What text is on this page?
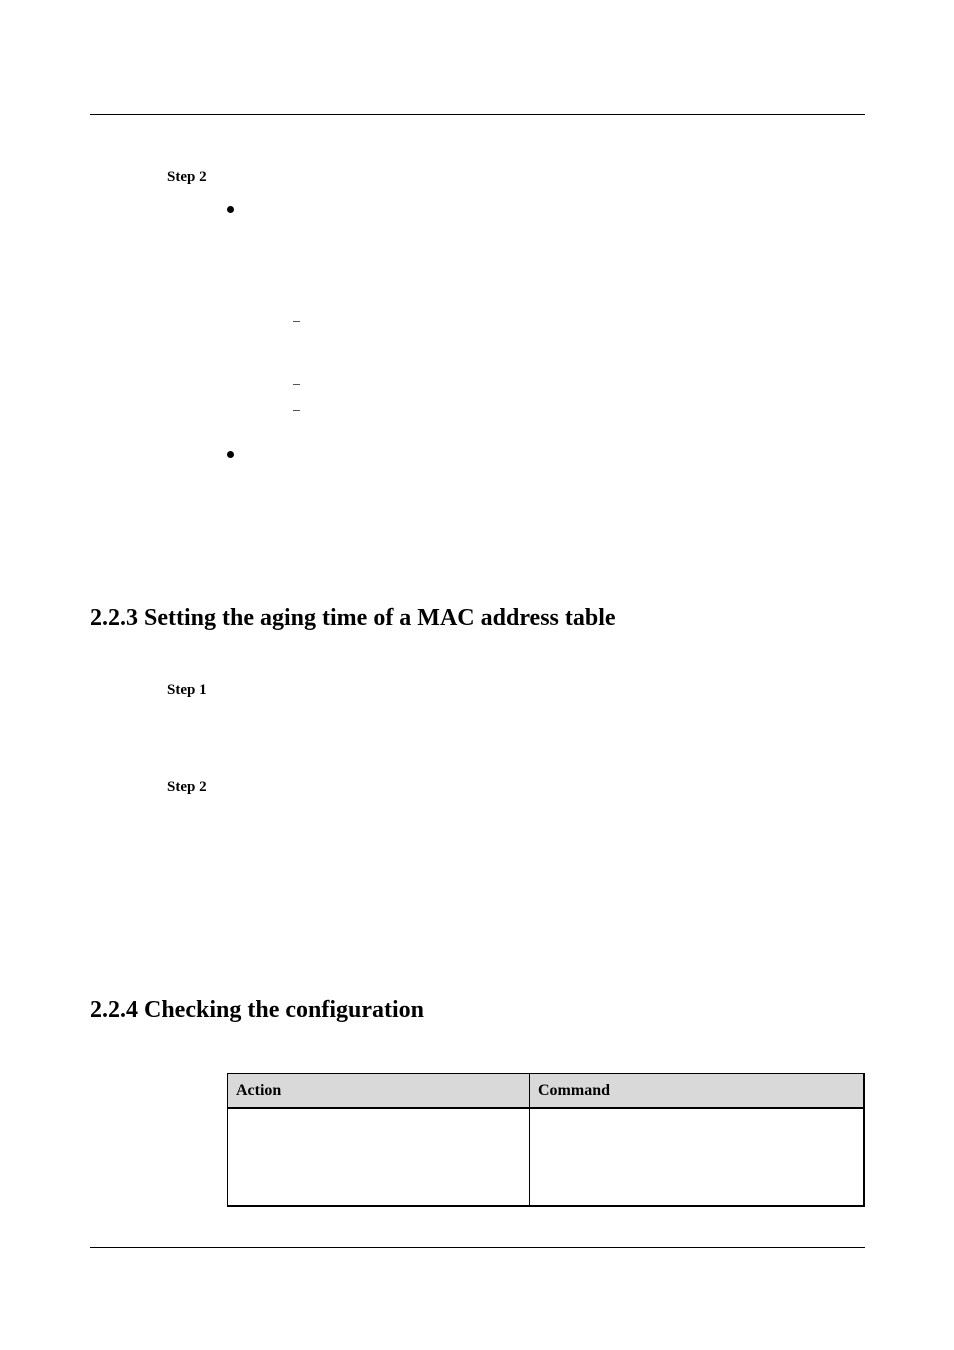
Step 2
2.2.3 Setting the aging time of a MAC address table
Step 1
Step 2
2.2.4 Checking the configuration
Action	Command
